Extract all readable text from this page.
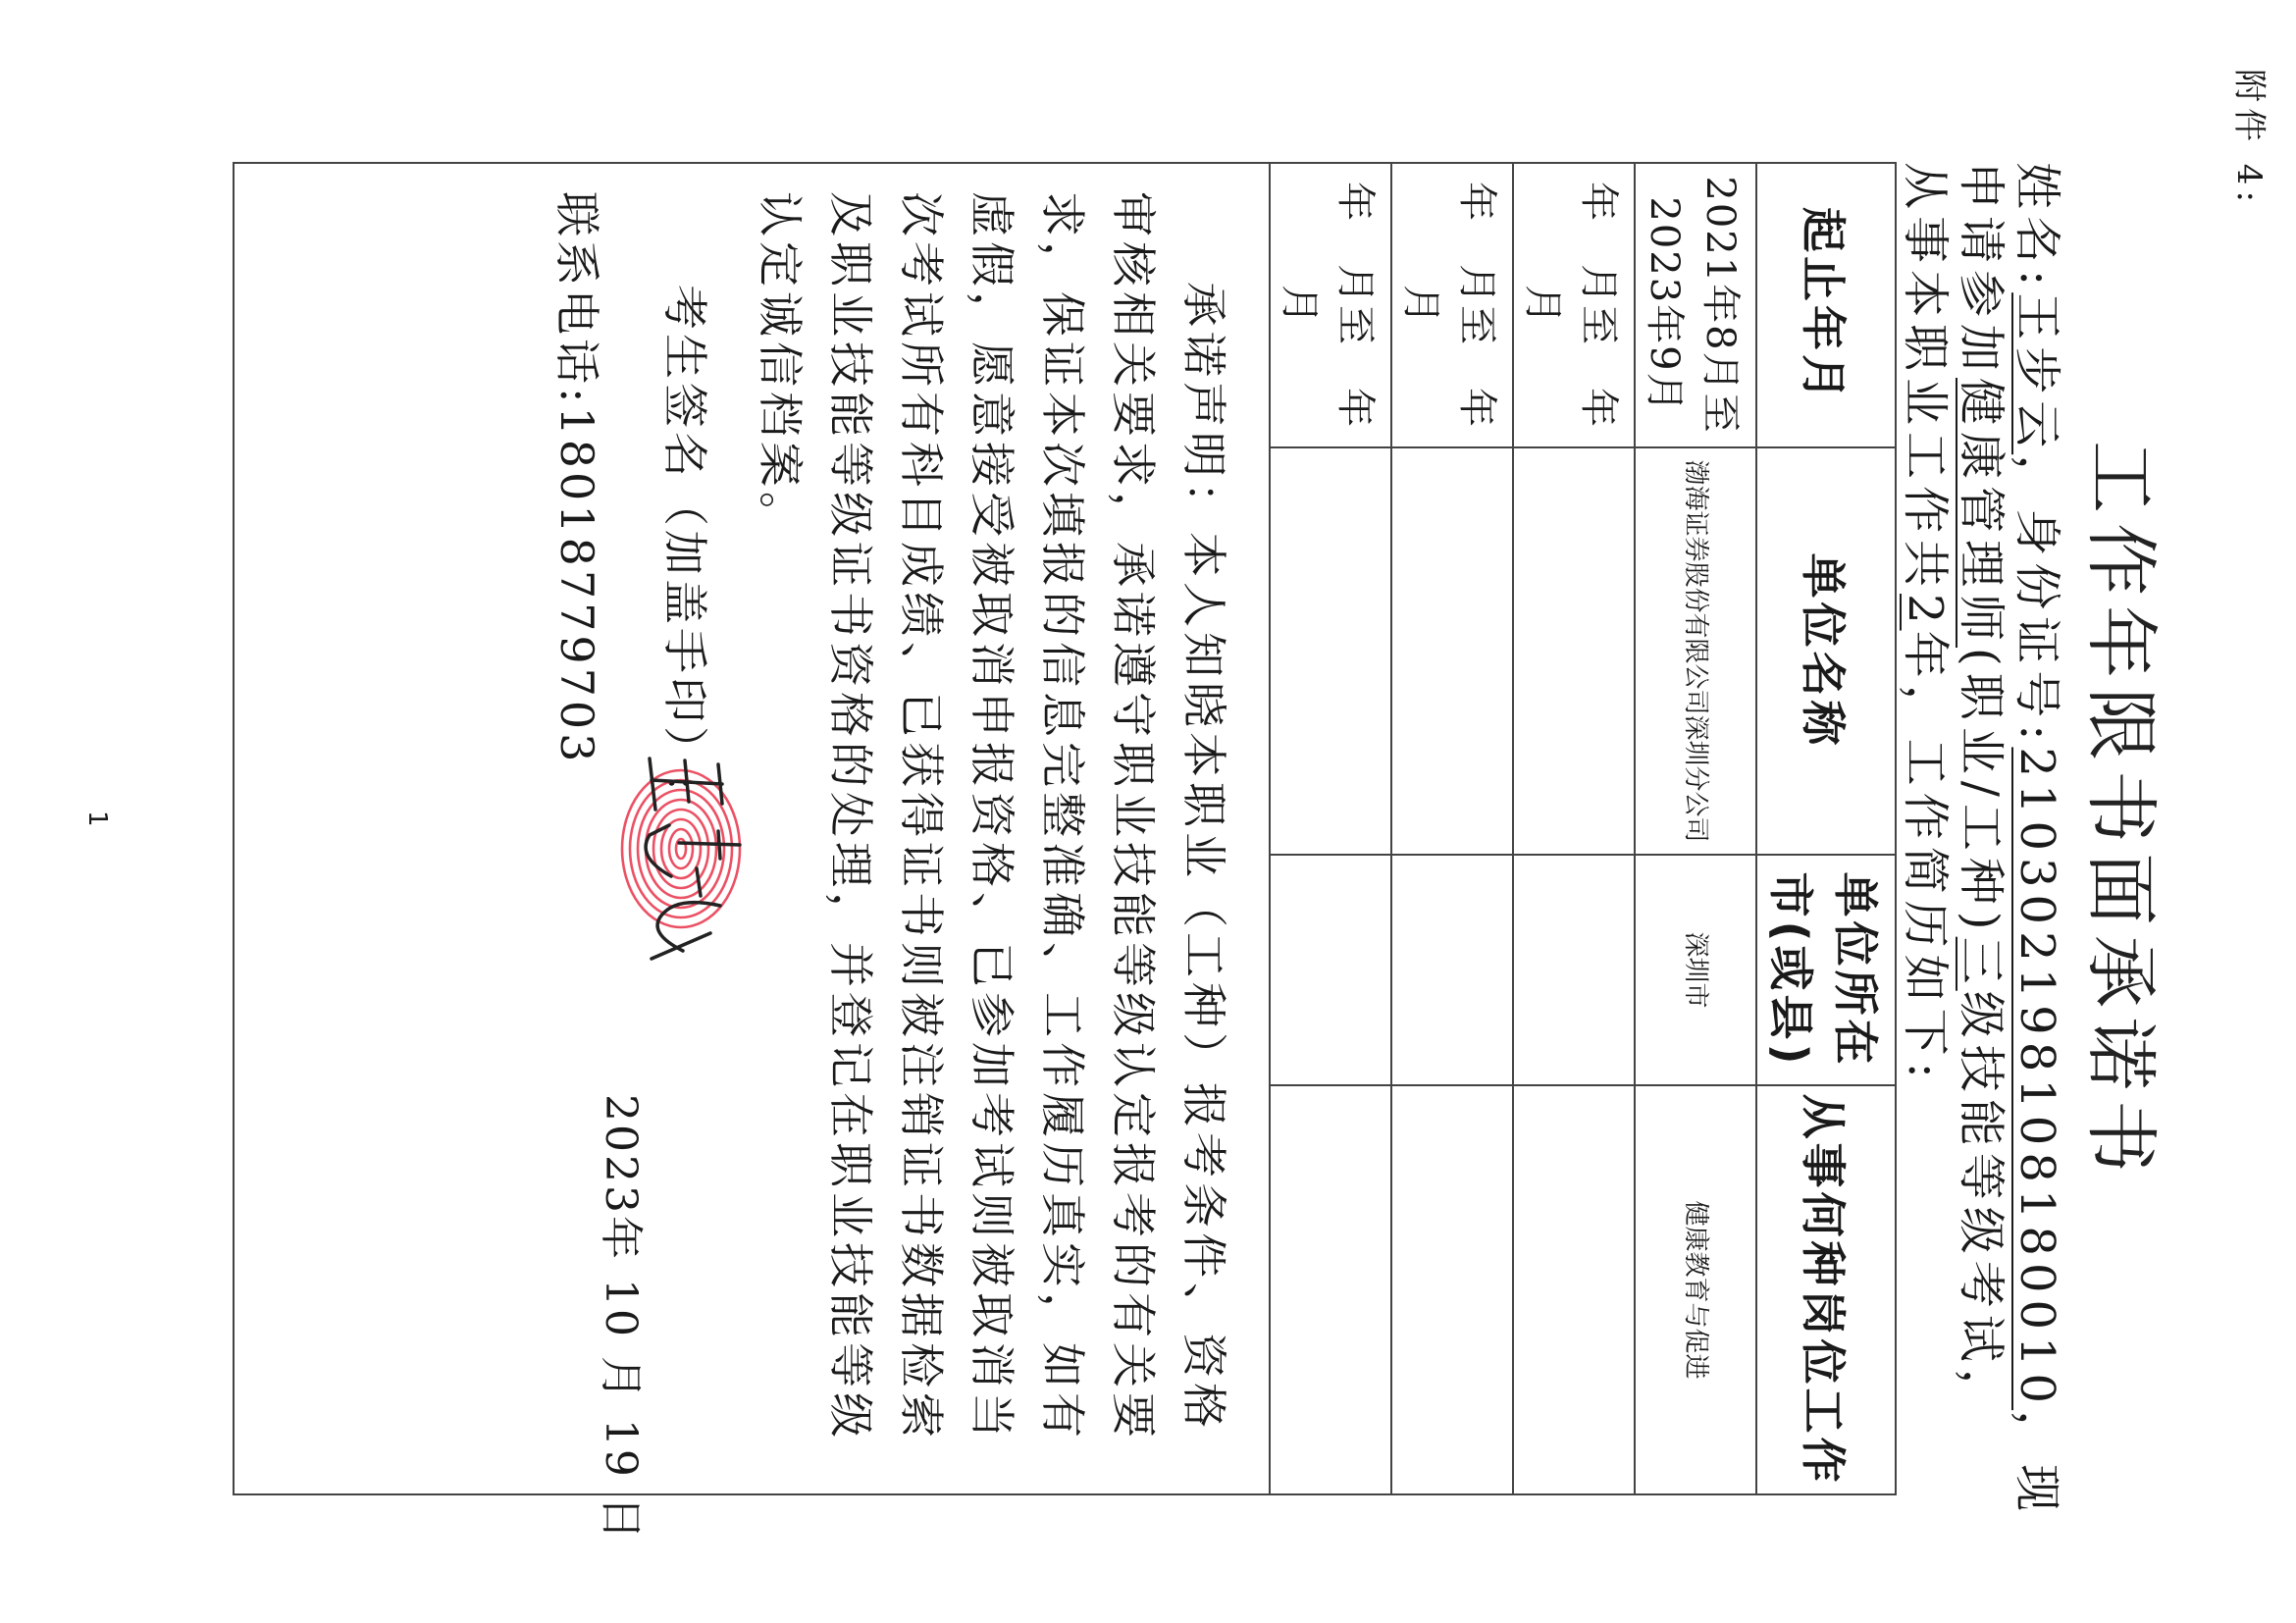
附件 4:
工作年限书面承诺书
姓名:王步云，身份证号:210302198108180010，现
申请参加健康管理师(职业/工种)三级技能等级考试，
从事本职业工作共2年，工作简历如下:
起止年月	单位名称	单位所在市(或县)	从事何种岗位工作
2021年8月至2023年9月	渤海证券股份有限公司深圳分公司	深圳市	健康教育与促进
年　月至　年　月			
年　月至　年　月			
年　月至　年　月			

承诺声明：本人知晓本职业（工种）报考条件、资格审核相关要求，承诺遵守职业技能等级认定报考的有关要求，保证本次填报的信息完整准确、工作履历真实，如有虚假，愿意接受被取消申报资格、已参加考试则被取消当次考试所有科目成绩、已获得证书则被注销证书数据检索及职业技能等级证书资格的处理，并登记在职业技能等级认定诚信档案。
考生签名（加盖手印）:
联系电话:18018779703
2023年 10 月 19 日			
1
